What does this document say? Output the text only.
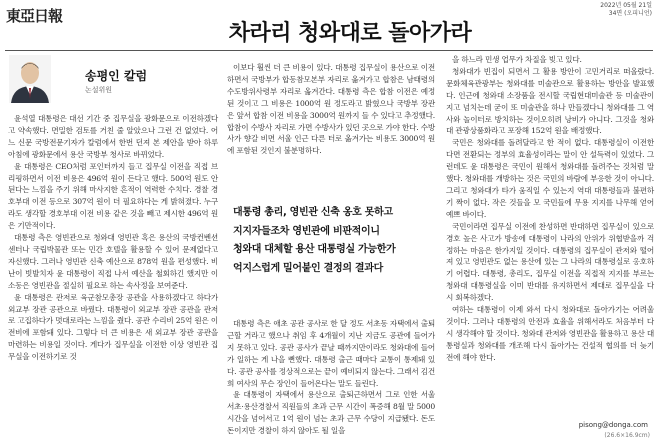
東亞日報
2022년 05월 21일
34면 (오피니언)
차라리 청와대로 돌아가라
송평인 칼럼
논설위원

윤석열 대통령은 대선 기간 중 집무실을 광화문으로 이전하겠다고 약속했다. 면밀한 검토를 거친 줄 알았으나 그런 건 없었다. 어느 신문 국방전문기자가 칼럼에서 한번 던져 본 제안을 받아 하루아침에 광화문에서 용산 국방부 청사로 바뀌었다.

윤 대통령은 CEO처럼 포인터까지 들고 집무실 이전을 직접 브리핑하면서 이전 비용은 496억 원이 든다고 했다. 500억 원도 안 된다는 느낌을 주기 위해 마사지한 흔적이 역력한 수치다. 경찰 경호부대 이전 등으로 307억 원이 더 필요하다는 게 밝혀졌다. 누구라도 생각할 경호부대 이전 비용 같은 것을 빼고 제시한 496억 원은 기만적이다.

대통령 측은 영빈관으로 청와대 영빈관 혹은 용산의 국방컨벤션센터나 국립박물관 또는 민간 호텔을 활용할 수 있어 문제없다고 자신했다. 그러나 영빈관 신축 예산으로 878억 원을 편성했다. 비난이 빗발치자 윤 대통령이 직접 나서 예산을 철회하긴 했지만 이 소동은 영빈관을 절실히 필요로 하는 속사정을 보여준다.

윤 대통령은 관저로 육군참모총장 공관을 사용하겠다고 하다가 외교부 장관 공관으로 바꿨다. 대통령이 외교부 장관 공관을 관저로 고집하다가 멋대로라는 느낌을 줬다. 공관 수리비 25억 원은 이전비에 포함돼 있다. 그렇다 더 큰 비용은 새 외교부 장관 공관을 마련하는 비용일 것이다. 게다가 집무실을 이전한 이상 영빈관 집무실을 이전하기로 것

이보다 훨씬 더 큰 비용이 있다. 대통령 집무실이 용산으로 이전하면서 국방부가 합동참모본부 자리로 옮겨가고 합참은 남태령의 수도방위사령부 자리로 옮겨간다. 대통령 측은 합참 이전은 예정된 것이고 그 비용은 1000억 원 정도라고 밝혔으나 국방부 장관은 앞서 합참 이전 비용을 3000억 원까지 들 수 있다고 추정했다. 합참이 수방사 자리로 가면 수방사가 있던 곳으로 가야 한다. 수방사가 향갈 비면 서울 인근 다른 터로 옮겨가는 비용도 3000억 원에 포함된 것인지 불분명하다.

대통령 총리, 영빈관 신축 옹호 못하고
지지자들조차 영빈관에 비판적이니
청와대 대체할 용산 대통령실 가능한가
억지스럽게 밀어붙인 결정의 결과다

대통령 측은 애초 공관 공사로 한 달 정도 서초동 자택에서 출퇴근할 거라고 했으나 취임 후 4개월이 지난 지금도 공관에 들어가지 못하고 있다. 공관 공사가 끝날 때까지만이라도 청와대에 들어가 일하는 게 나을 뻔했다. 대통령 출근 때마다 교통이 통제돼 있다. 공관 공사를 정상적으로는 끝이 예비되지 않는다. 그래서 김건희 여사의 무슨 장인이 들어온다는 말도 들린다.

윤 대통령이 자택에서 용산으로 출퇴근하면서 그로 인한 서울 서초·용산경찰서 직원들의 초과 근무 시간이 폭증해 8월 말 5000시간을 넘어서고 1억 원이 넘는 초과 근무 수당이 지급됐다. 돈도 돈이지만 경찰이 하지 않아도 될 일을

을 하느라 민생 업무가 차질을 빚고 있다.

청와대가 빈집이 되면서 그 활용 방안이 고민거리로 떠올랐다. 문화체육관광부는 청와대를 미술관으로 활용하는 방안을 발표했다. 인근에 청와대 소장품을 전시할 국립현대미술관 등 미술관이 지고 넘치는데 굳이 또 미술관을 하나 만들겠다니 청와대를 그 역사와 놀이터로 방치하는 것이오히려 낭비가 아니다. 그것을 청와대 관광상품화라고 포장해 152억 원을 배정했다.

국민은 청와대를 돌려달라고 한 적이 없다. 대통령실이 이전한다면 전환되는 정부의 효율성이라는 말이 안 설득력이 있었다. 그런데도 윤 대통령은 국민이 원해서 청와대를 돌려주는 것처럼 말했다. 청와대를 개방하는 것은 국민의 바람에 부응한 것이 아니다. 그리고 청와대가 타가 움직일 수 있는지 역대 대통령들과 불편하기 짝이 없다. 작은 것들을 모 국민들에 무용 지지를 나무해 얻어 예쁘 바이다.

국민이라면 집무실 이전에 찬성하면 반대하면 집무실이 있으로 경호 높은 사고가 방송에 대통령이 나라의 안위가 위협받을까 걱정하는 마음은 한가지일 것이다. 대통령의 집무실이 관저와 떨어져 있고 영빈관도 없는 용산에 있는 그 나라의 대통령실로 옹호하기 어렵다. 대통령, 총리도, 집무실 이전을 직접적 지지를 부르는 청와대 대통령실을 이미 반대를 유지하면서 제대로 집무실을 다시 회복하겠다.

여하는 대통령이 이제 와서 다시 청와대로 돌아가기는 어려울 것이다. 그러나 대통령의 안전과 효율을 위해서라도 처음부터 다시 생각해야 할 것이다. 청와대 관저와 영빈관을 활용하고 용산 대통령실과 청와대를 개조해 다시 돌아가는 건설적 협의를 더 늦기 전에 해야 한다.

pisong@donga.com
(26.6×16.9cm)
